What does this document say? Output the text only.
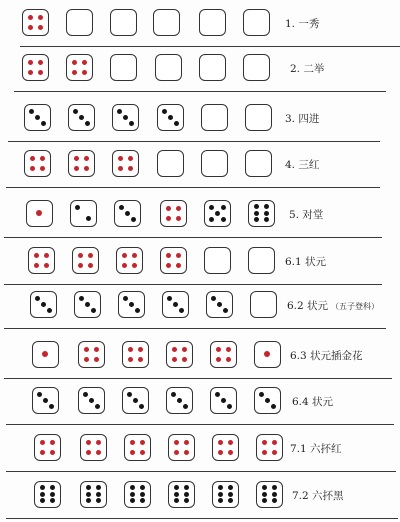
1. 一秀
2. 二举
3. 四进
4. 三红
5. 对堂
6.1 状元
6.2 状元 （五子登科）
6.3 状元插金花
6.4 状元
7.1 六抔红
7.2 六抔黑
